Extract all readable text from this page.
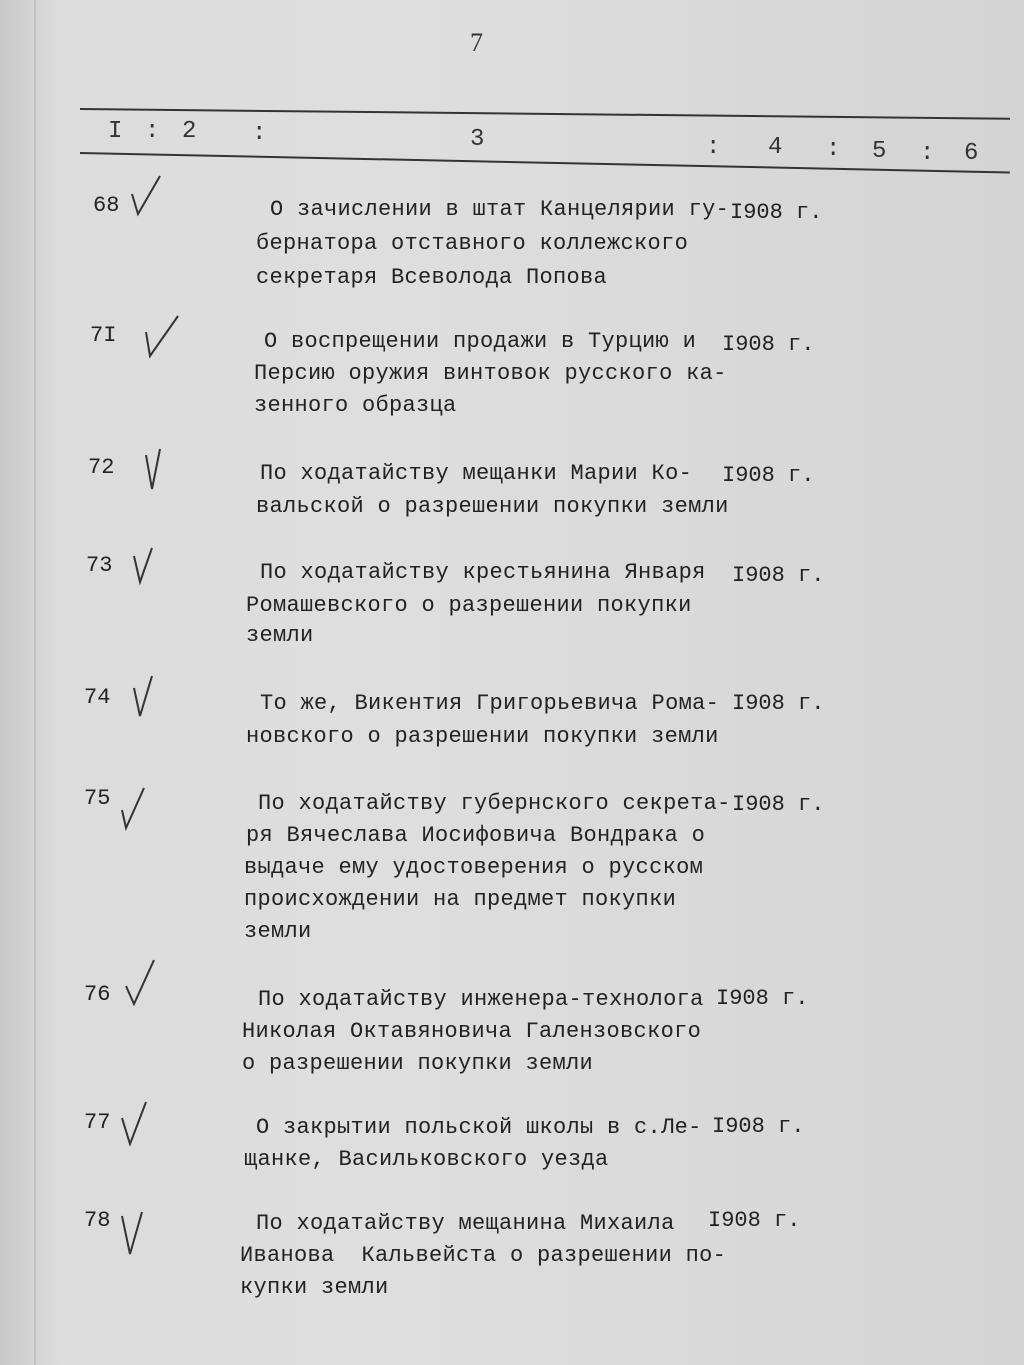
7
I : 2 :	3	: 4 : 5 : 6
68	О зачислении в штат Канцелярии гу-
бернатора отставного коллежского
секретаря Всеволода Попова
I908 г.
7I	О воспрещении продажи в Турцию и
Персию оружия винтовок русского ка-
зенного образца
I908 г.
72	По ходатайству мещанки Марии Ко-
вальской о разрешении покупки земли
I908 г.
73	По ходатайству крестьянина Января
Ромашевского о разрешении покупки
земли
I908 г.
74	То же, Викентия Григорьевича Рома-
новского о разрешении покупки земли
I908 г.
75	По ходатайству губернского секрета-
ря Вячеслава Иосифовича Вондрака о
выдаче ему удостоверения о русском
происхождении на предмет покупки
земли
I908 г.
76	По ходатайству инженера-технолога
Николая Октавяновича Галензовского
о разрешении покупки земли
I908 г.
77	О закрытии польской школы в с.Ле-
щанке, Васильковского уезда
I908 г.
78	По ходатайству мещанина Михаила
Иванова  Кальвейста о разрешении по-
купки земли
I908 г.
